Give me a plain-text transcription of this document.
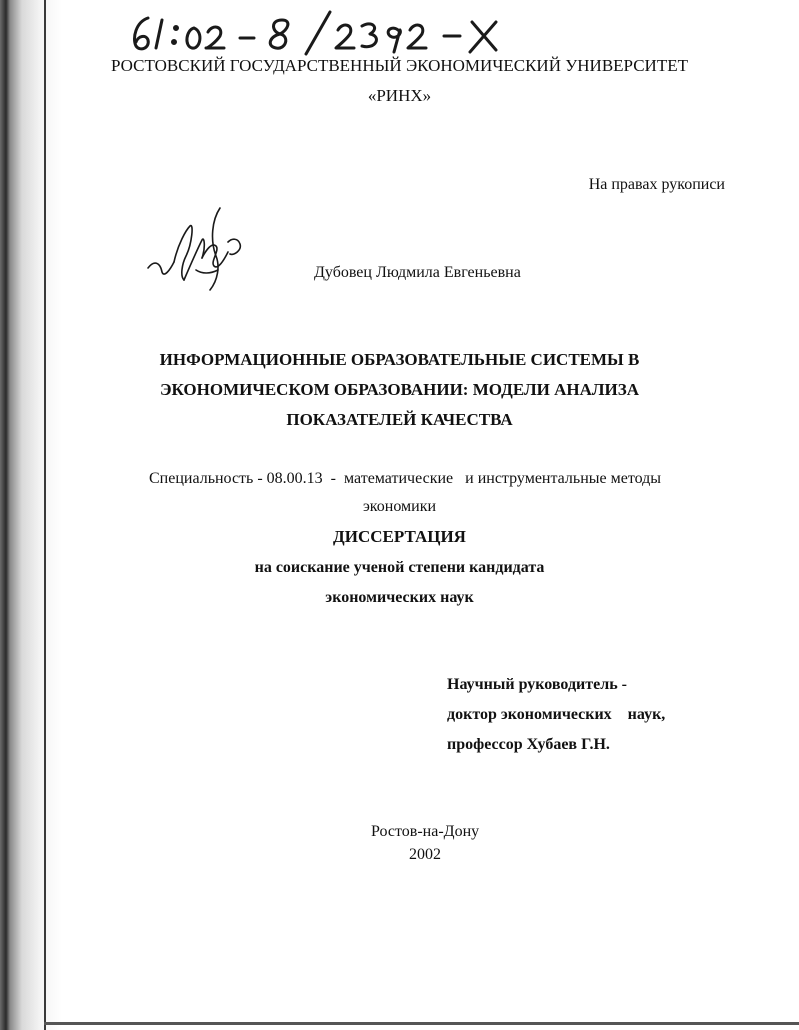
РОСТОВСКИЙ ГОСУДАРСТВЕННЫЙ ЭКОНОМИЧЕСКИЙ УНИВЕРСИТЕТ
«РИНХ»
На правах рукописи
Дубовец Людмила Евгеньевна
ИНФОРМАЦИОННЫЕ ОБРАЗОВАТЕЛЬНЫЕ СИСТЕМЫ В
ЭКОНОМИЧЕСКОМ ОБРАЗОВАНИИ: МОДЕЛИ АНАЛИЗА
ПОКАЗАТЕЛЕЙ КАЧЕСТВА
Специальность - 08.00.13  -  математические   и инструментальные методы
экономики
ДИССЕРТАЦИЯ
на соискание ученой степени кандидата
экономических наук
Научный руководитель -
доктор экономических    наук,
профессор Хубаев Г.Н.
Ростов-на-Дону
2002
